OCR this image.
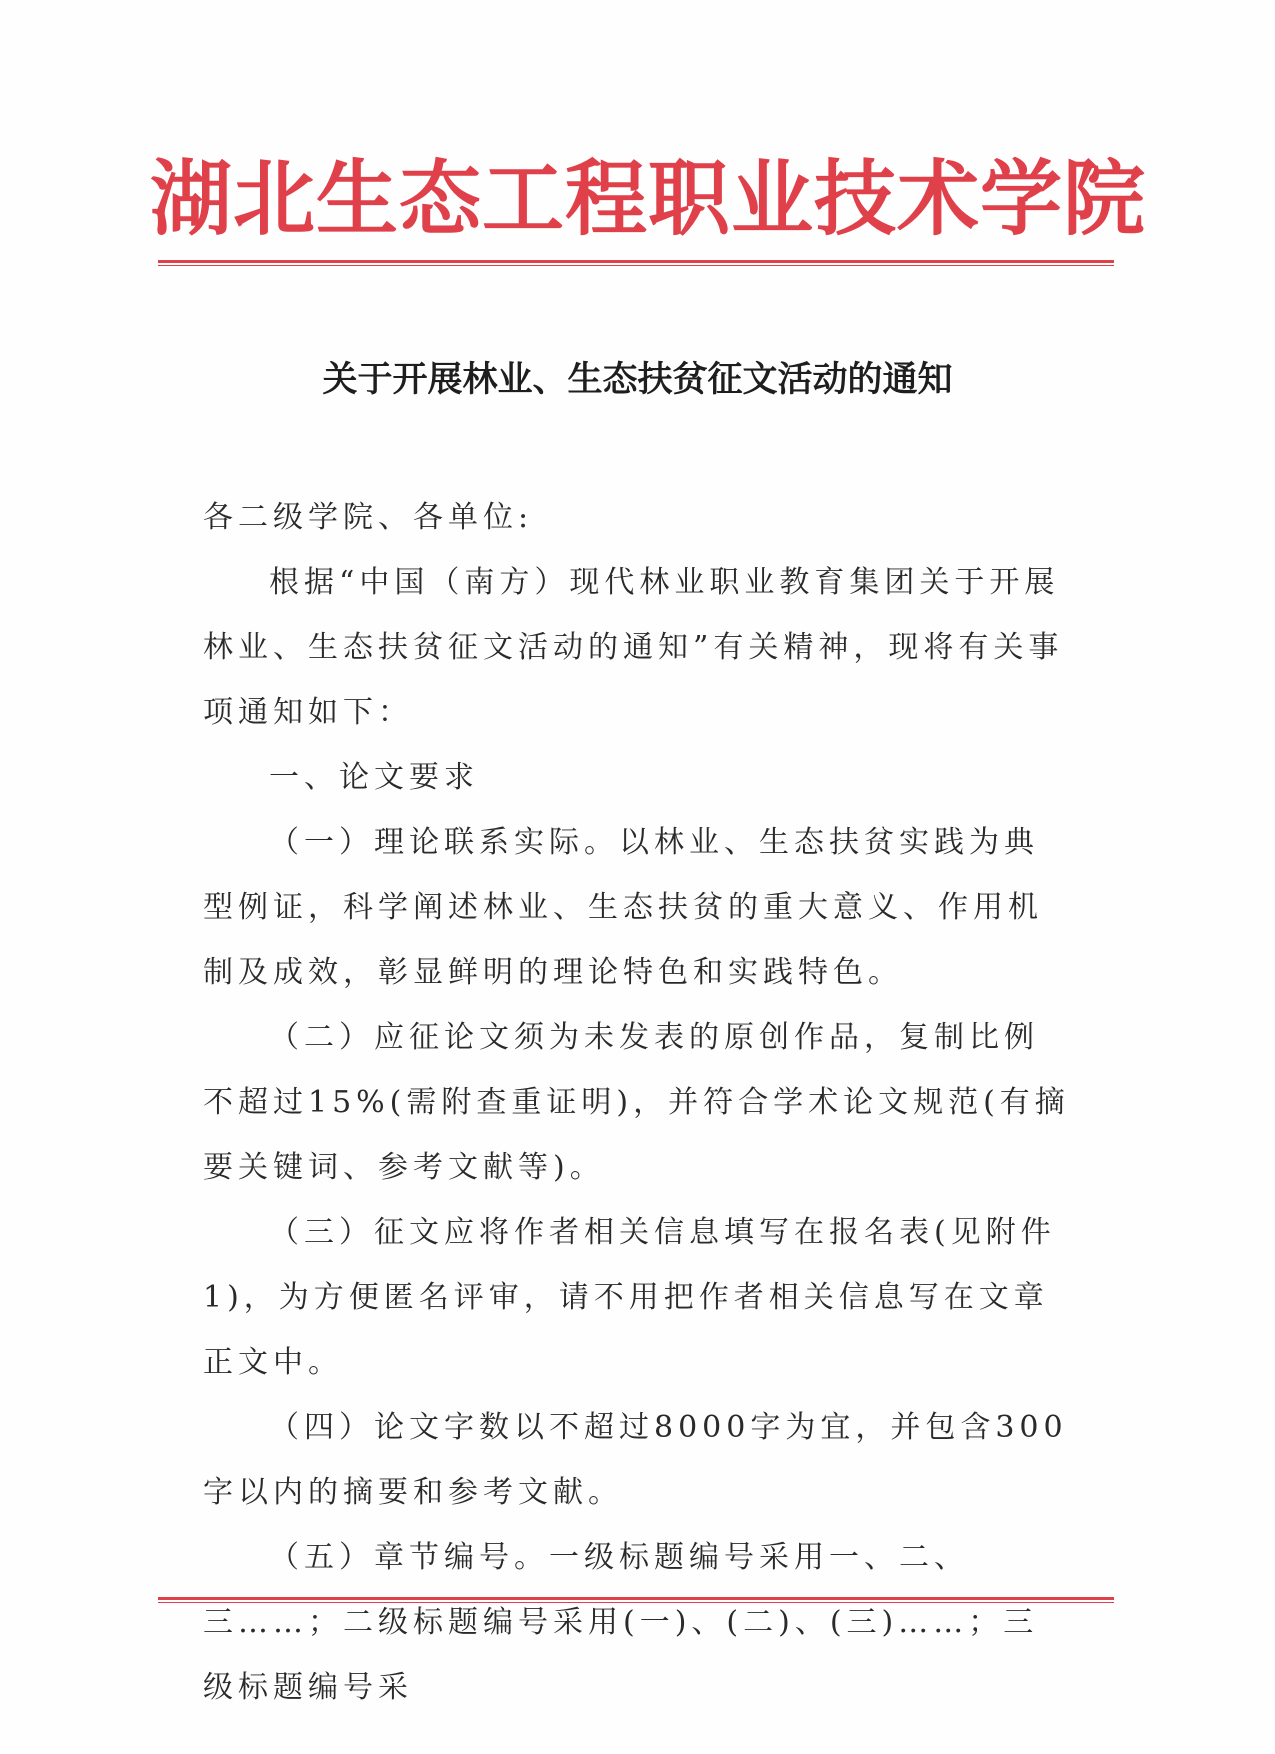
湖北生态工程职业技术学院
关于开展林业、生态扶贫征文活动的通知

各二级学院、各单位:

根据“中国（南方）现代林业职业教育集团关于开展林业、生态扶贫征文活动的通知”有关精神，现将有关事项通知如下：

一、论文要求

（一）理论联系实际。以林业、生态扶贫实践为典型例证，科学阐述林业、生态扶贫的重大意义、作用机制及成效，彰显鲜明的理论特色和实践特色。

（二）应征论文须为未发表的原创作品，复制比例不超过15%(需附查重证明)，并符合学术论文规范(有摘要关键词、参考文献等)。

（三）征文应将作者相关信息填写在报名表(见附件1)，为方便匿名评审，请不用把作者相关信息写在文章正文中。

（四）论文字数以不超过8000字为宜，并包含300字以内的摘要和参考文献。

（五）章节编号。一级标题编号采用一、二、三……；二级标题编号采用(一)、(二)、(三)……；三级标题编号采
